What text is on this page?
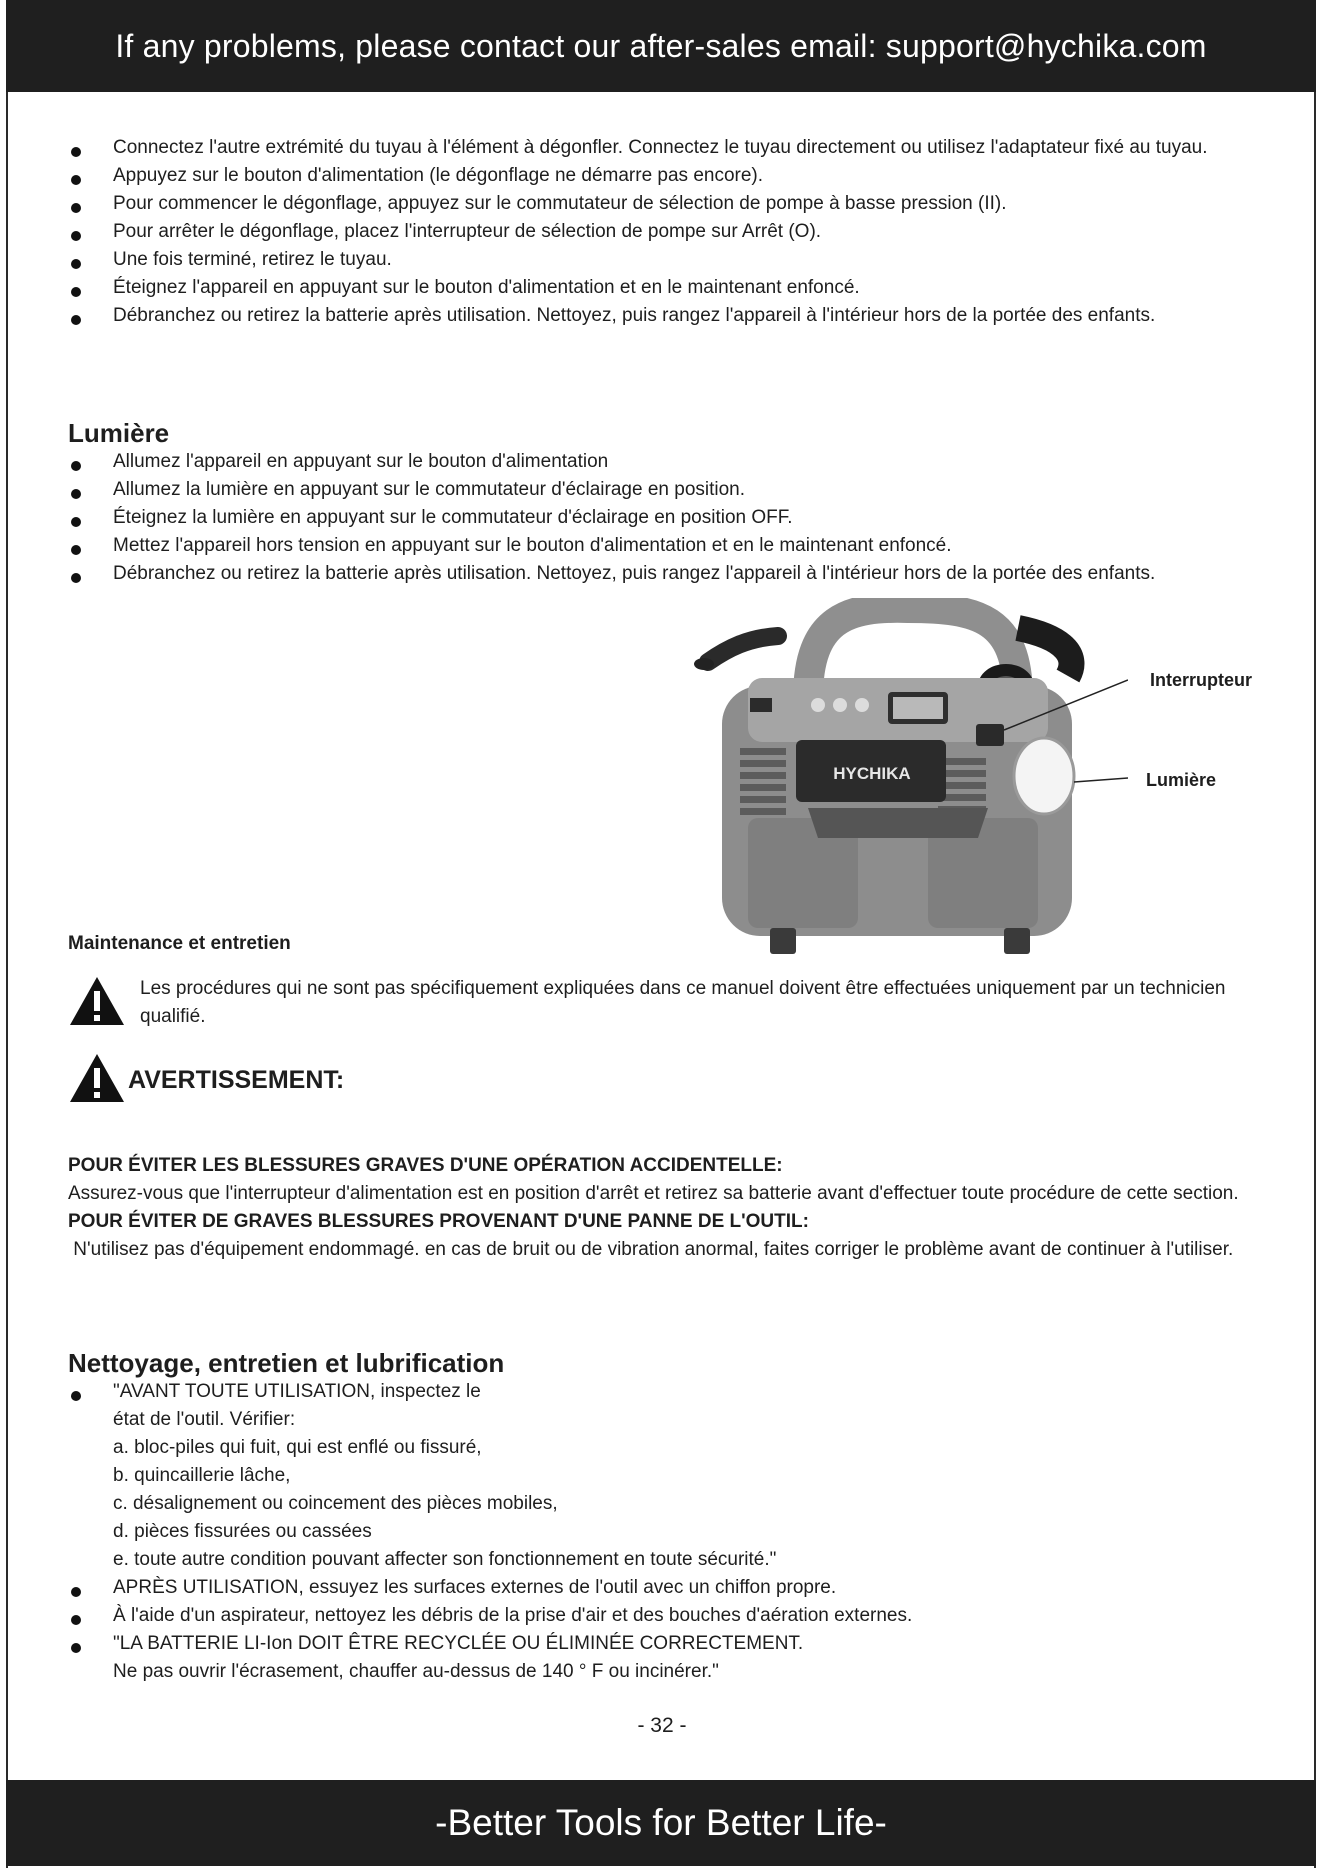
If any problems, please contact our after-sales email: support@hychika.com
Connectez l'autre extrémité du tuyau à l'élément à dégonfler. Connectez le tuyau directement ou utilisez l'adaptateur fixé au tuyau.
Appuyez sur le bouton d'alimentation (le dégonflage ne démarre pas encore).
Pour commencer le dégonflage, appuyez sur le commutateur de sélection de pompe à basse pression (II).
Pour arrêter le dégonflage, placez l'interrupteur de sélection de pompe sur Arrêt (O).
Une fois terminé, retirez le tuyau.
Éteignez l'appareil en appuyant sur le bouton d'alimentation et en le maintenant enfoncé.
Débranchez ou retirez la batterie après utilisation. Nettoyez, puis rangez l'appareil à l'intérieur hors de la portée des enfants.
Lumière
Allumez l'appareil en appuyant sur le bouton d'alimentation
Allumez la lumière en appuyant sur le commutateur d'éclairage en position.
Éteignez la lumière en appuyant sur le commutateur d'éclairage en position OFF.
Mettez l'appareil hors tension en appuyant sur le bouton d'alimentation et en le maintenant enfoncé.
Débranchez ou retirez la batterie après utilisation. Nettoyez, puis rangez l'appareil à l'intérieur hors de la portée des enfants.
HYCHIKA
Interrupteur
Lumière
Maintenance et entretien
Les procédures qui ne sont pas spécifiquement expliquées dans ce manuel doivent être effectuées uniquement par un technicien qualifié.
AVERTISSEMENT:
POUR ÉVITER LES BLESSURES GRAVES D'UNE OPÉRATION ACCIDENTELLE:
Assurez-vous que l'interrupteur d'alimentation est en position d'arrêt et retirez sa batterie avant d'effectuer toute procédure de cette section.
POUR ÉVITER DE GRAVES BLESSURES PROVENANT D'UNE PANNE DE L'OUTIL:
N'utilisez pas d'équipement endommagé. en cas de bruit ou de vibration anormal, faites corriger le problème avant de continuer à l'utiliser.
Nettoyage, entretien et lubrification
"AVANT TOUTE UTILISATION, inspectez le
état de l'outil. Vérifier:
a. bloc-piles qui fuit, qui est enflé ou fissuré,
b. quincaillerie lâche,
c. désalignement ou coincement des pièces mobiles,
d. pièces fissurées ou cassées
e. toute autre condition pouvant affecter son fonctionnement en toute sécurité."
APRÈS UTILISATION, essuyez les surfaces externes de l'outil avec un chiffon propre.
À l'aide d'un aspirateur, nettoyez les débris de la prise d'air et des bouches d'aération externes.
"LA BATTERIE LI-Ion DOIT ÊTRE RECYCLÉE OU ÉLIMINÉE CORRECTEMENT.
Ne pas ouvrir l'écrasement, chauffer au-dessus de 140 ° F ou incinérer."
- 32 -
-Better Tools for Better Life-
